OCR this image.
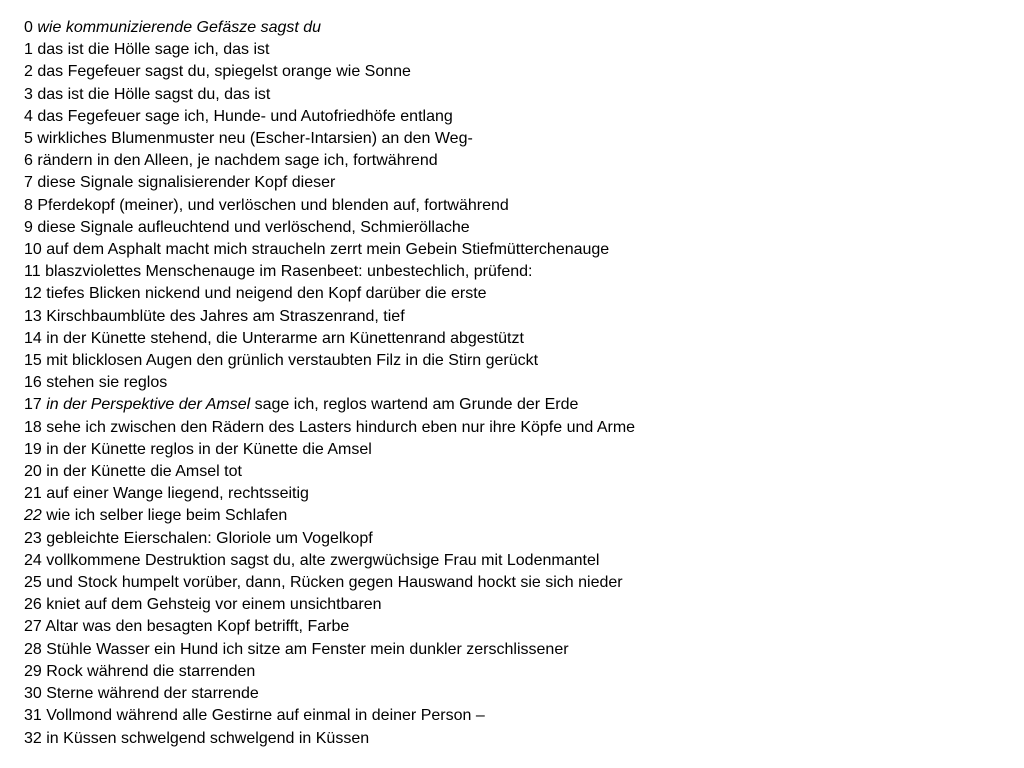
0 wie kommunizierende Gefäsze sagst du
1 das ist die Hölle sage ich, das ist
2 das Fegefeuer sagst du, spiegelst orange wie Sonne
3 das ist die Hölle sagst du, das ist
4 das Fegefeuer sage ich, Hunde- und Autofriedhöfe entlang
5 wirkliches Blumenmuster neu (Escher-Intarsien) an den Weg-
6 rändern in den Alleen, je nachdem sage ich, fortwährend
7 diese Signale signalisierender Kopf dieser
8 Pferdekopf (meiner), und verlöschen und blenden auf, fortwährend
9 diese Signale aufleuchtend und verlöschend, Schmieröllache
10 auf dem Asphalt macht mich straucheln zerrt mein Gebein Stiefmütterchenauge
11 blaszviolettes Menschenauge im Rasenbeet: unbestechlich, prüfend:
12 tiefes Blicken nickend und neigend den Kopf darüber die erste
13 Kirschbaumblüte des Jahres am Straszenrand, tief
14 in der Künette stehend, die Unterarme arn Künettenrand abgestützt
15 mit blicklosen Augen den grünlich verstaubten Filz in die Stirn gerückt
16 stehen sie reglos
17 in der Perspektive der Amsel sage ich, reglos wartend am Grunde der Erde
18 sehe ich zwischen den Rädern des Lasters hindurch eben nur ihre Köpfe und Arme
19 in der Künette reglos in der Künette die Amsel
20 in der Künette die Amsel tot
21 auf einer Wange liegend, rechtsseitig
22 wie ich selber liege beim Schlafen
23 gebleichte Eierschalen: Gloriole um Vogelkopf
24 vollkommene Destruktion sagst du, alte zwergwüchsige Frau mit Lodenmantel
25 und Stock humpelt vorüber, dann, Rücken gegen Hauswand hockt sie sich nieder
26 kniet auf dem Gehsteig vor einem unsichtbaren
27 Altar was den besagten Kopf betrifft, Farbe
28 Stühle Wasser ein Hund ich sitze am Fenster mein dunkler zerschlissener
29 Rock während die starrenden
30 Sterne während der starrende
31 Vollmond während alle Gestirne auf einmal in deiner Person –
32 in Küssen schwelgend schwelgend in Küssen
